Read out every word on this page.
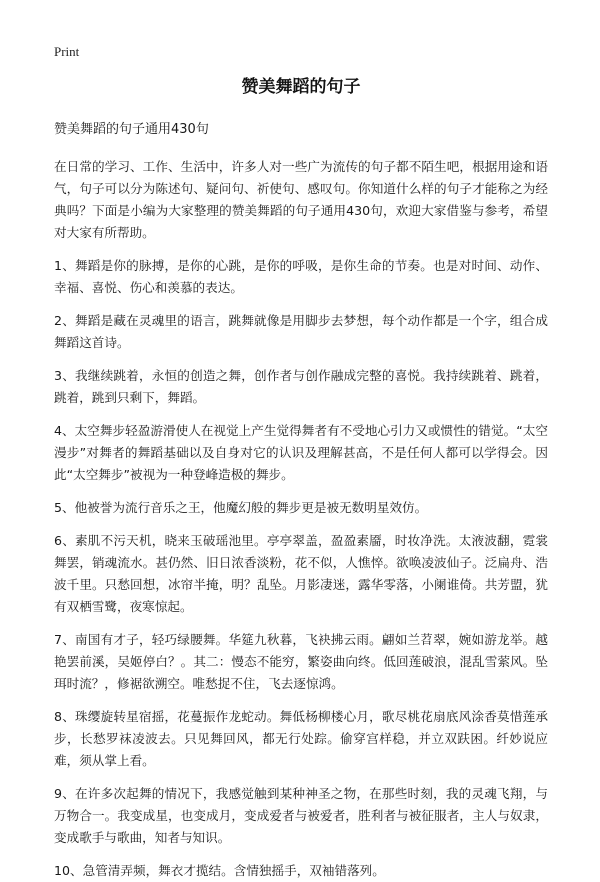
Print
赞美舞蹈的句子
赞美舞蹈的句子通用430句

在日常的学习、工作、生活中，许多人对一些广为流传的句子都不陌生吧，根据用途和语气，句子可以分为陈述句、疑问句、祈使句、感叹句。你知道什么样的句子才能称之为经典吗？下面是小编为大家整理的赞美舞蹈的句子通用430句，欢迎大家借鉴与参考，希望对大家有所帮助。

1、舞蹈是你的脉搏，是你的心跳，是你的呼吸，是你生命的节奏。也是对时间、动作、幸福、喜悦、伤心和羡慕的表达。

2、舞蹈是藏在灵魂里的语言，跳舞就像是用脚步去梦想，每个动作都是一个字，组合成舞蹈这首诗。

3、我继续跳着，永恒的创造之舞，创作者与创作融成完整的喜悦。我持续跳着、跳着，跳着，跳到只剩下，舞蹈。

4、太空舞步轻盈游滑使人在视觉上产生觉得舞者有不受地心引力又或惯性的错觉。“太空漫步”对舞者的舞蹈基础以及自身对它的认识及理解甚高，不是任何人都可以学得会。因此“太空舞步”被视为一种登峰造极的舞步。

5、他被誉为流行音乐之王，他魔幻般的舞步更是被无数明星效仿。

6、素肌不污天机，晓来玉破瑶池里。亭亭翠盖，盈盈素靥，时妆净洗。太液波翻，霓裳舞罢，销魂流水。甚仍然、旧日浓香淡粉，花不似，人憔悴。欲唤凌波仙子。泛扁舟、浩波千里。只愁回想，冰帘半掩，明？乱坠。月影凄迷，露华零落，小阑谁倚。共芳盟，犹有双栖雪鹭，夜寒惊起。

7、南国有才子，轻巧绿腰舞。华筵九秋暮，飞袂拂云雨。翩如兰苕翠，婉如游龙举。越艳罢前溪，吴姬停白？。其二：慢态不能穷，繁姿曲向终。低回莲破浪，混乱雪萦风。坠珥时流？，修裾欲溯空。唯愁捉不住，飞去逐惊鸿。

8、珠缨旋转星宿摇，花蔓振作龙蛇动。舞低杨柳楼心月，歌尽桃花扇底风涂香莫惜莲承步，长愁罗袜凌波去。只见舞回风，都无行处踪。偷穿宫样稳，并立双趺困。纤妙说应难，须从掌上看。

9、在许多次起舞的情况下，我感觉触到某种神圣之物，在那些时刻，我的灵魂飞翔，与万物合一。我变成星，也变成月，变成爱者与被爱者，胜利者与被征服者，主人与奴隶，变成歌手与歌曲，知者与知识。

10、急管清弄频，舞衣才揽结。含情独摇手，双袖错落列。
